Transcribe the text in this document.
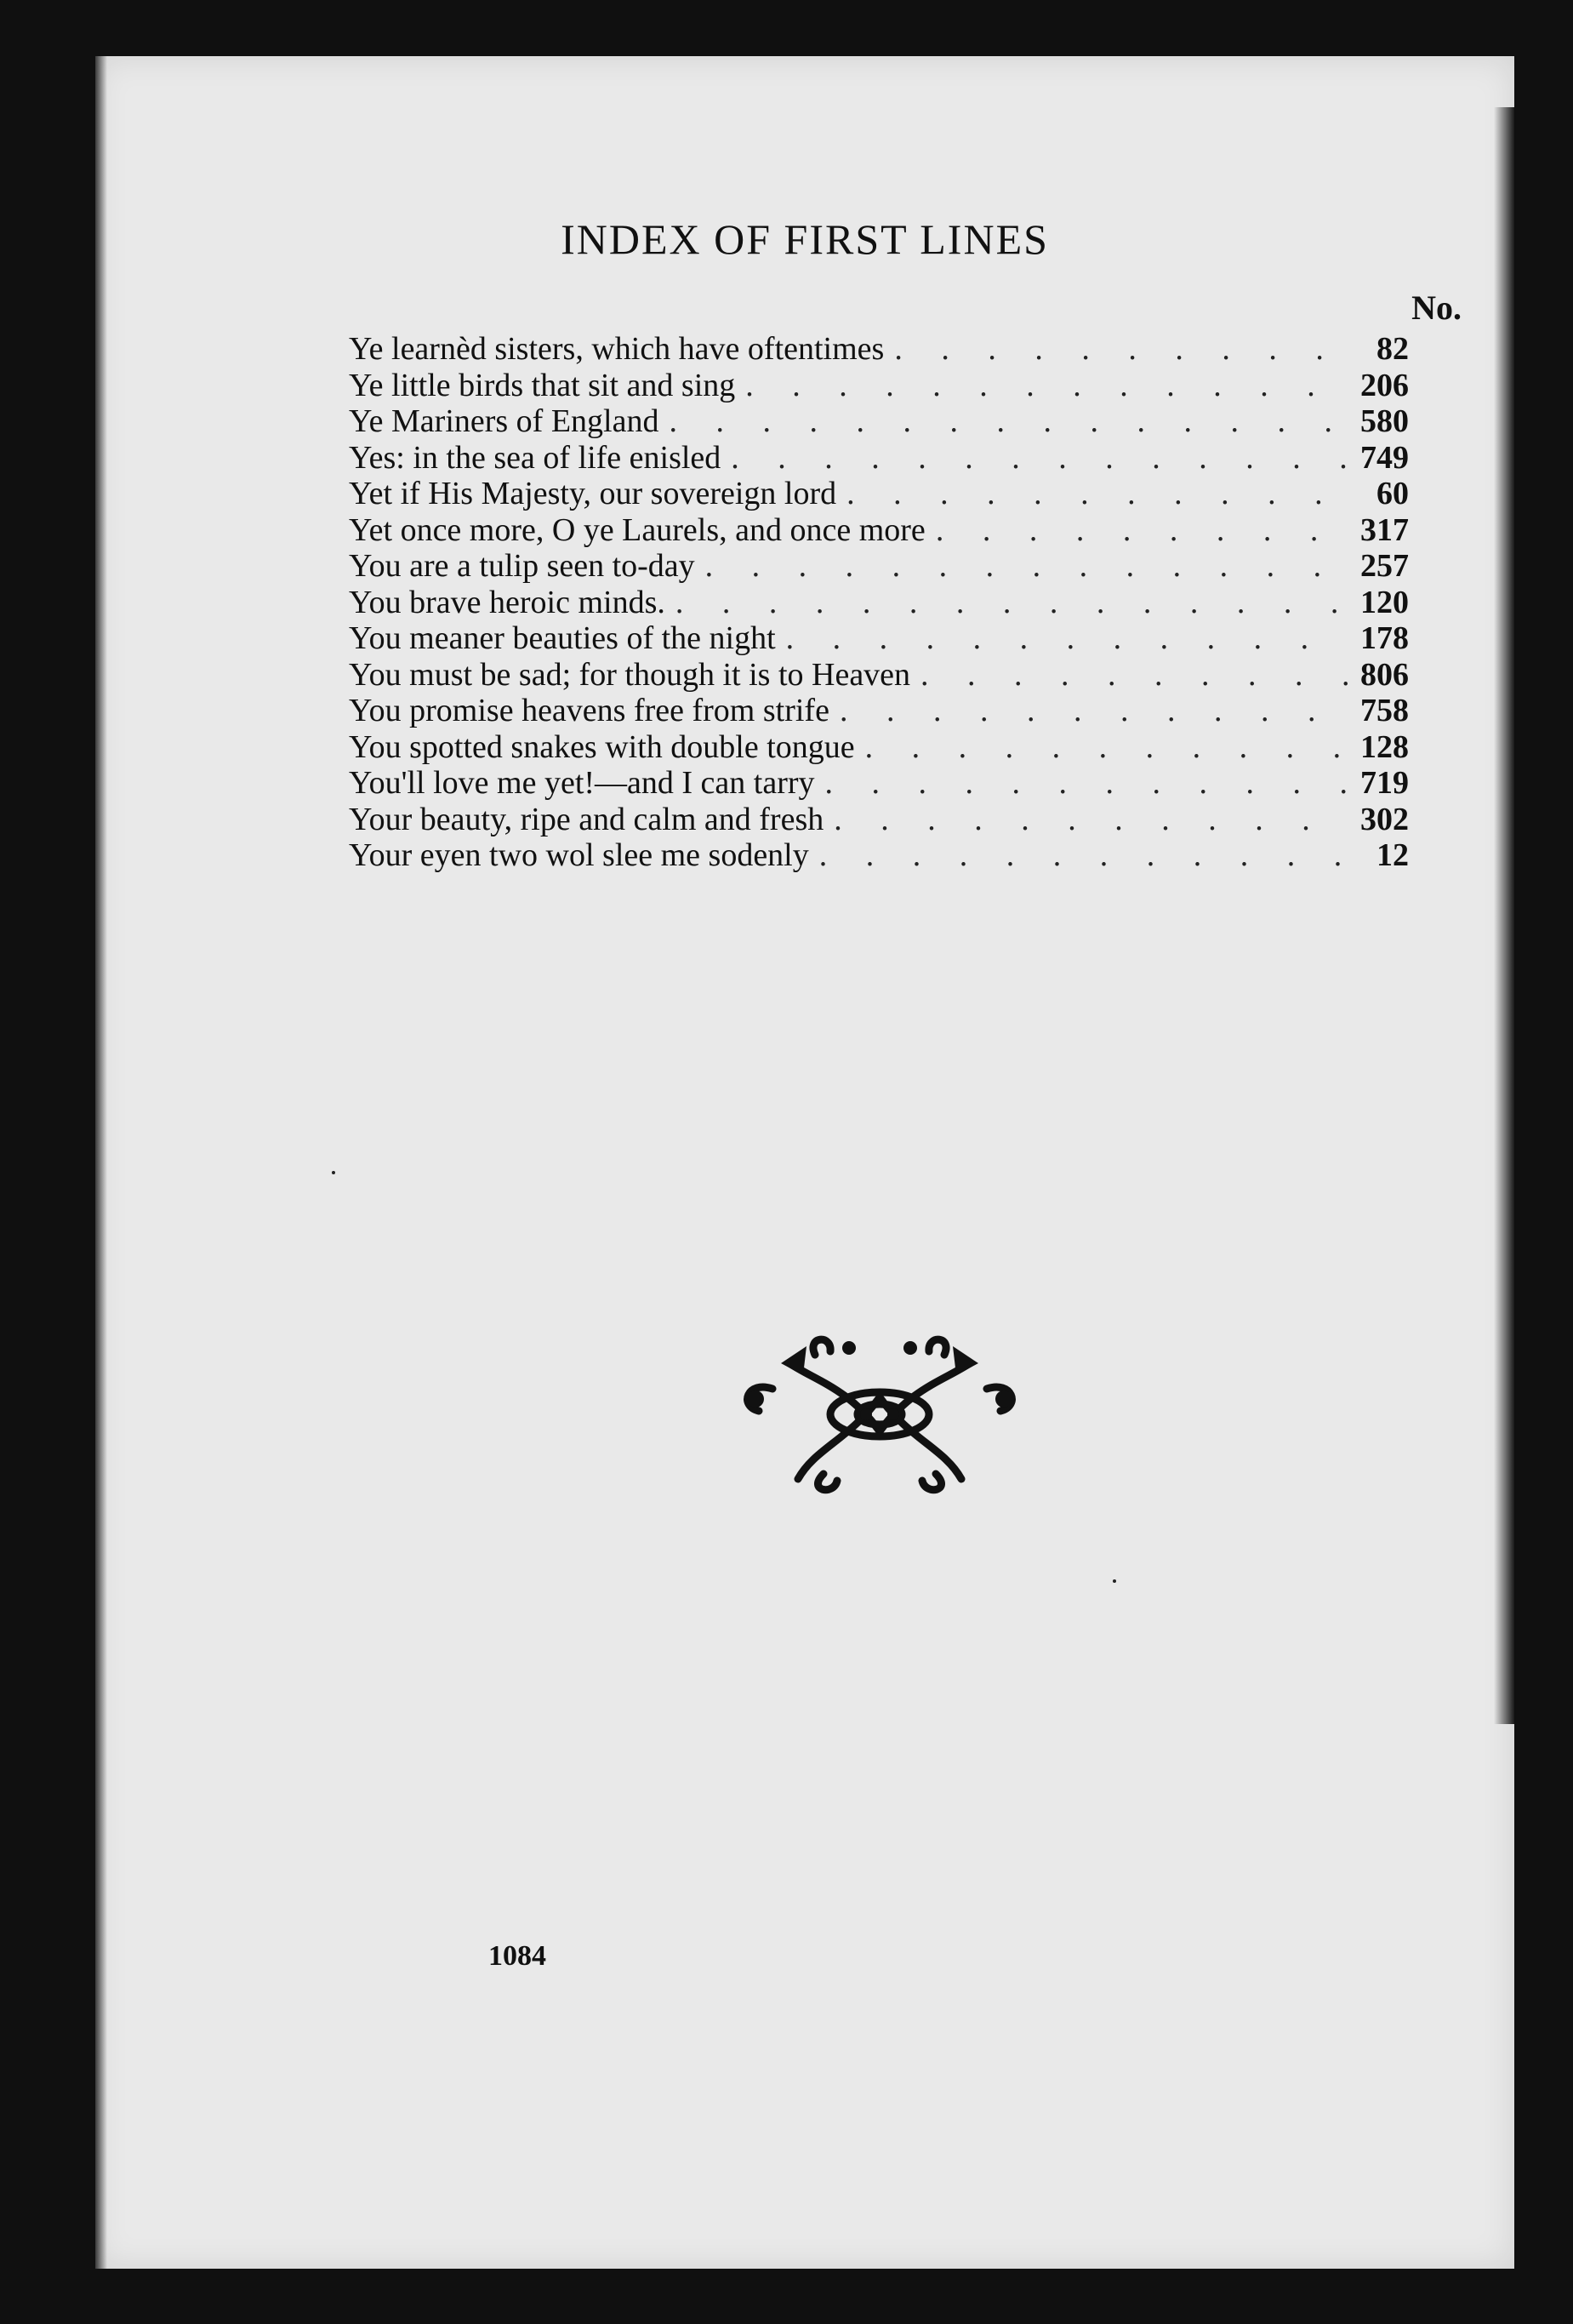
INDEX OF FIRST LINES
No.
Ye learnèd sisters, which have oftentimes . . .	82
Ye little birds that sit and sing . . .	206
Ye Mariners of England . . .	580
Yes: in the sea of life enisled . . .	749
Yet if His Majesty, our sovereign lord . . .	60
Yet once more, O ye Laurels, and once more . . .	317
You are a tulip seen to-day . . .	257
You brave heroic minds. . . .	120
You meaner beauties of the night . . .	178
You must be sad; for though it is to Heaven . . .	806
You promise heavens free from strife . . .	758
You spotted snakes with double tongue . . .	128
You'll love me yet!—and I can tarry . . .	719
Your beauty, ripe and calm and fresh . . .	302
Your eyen two wol slee me sodenly . . .	12
1084
